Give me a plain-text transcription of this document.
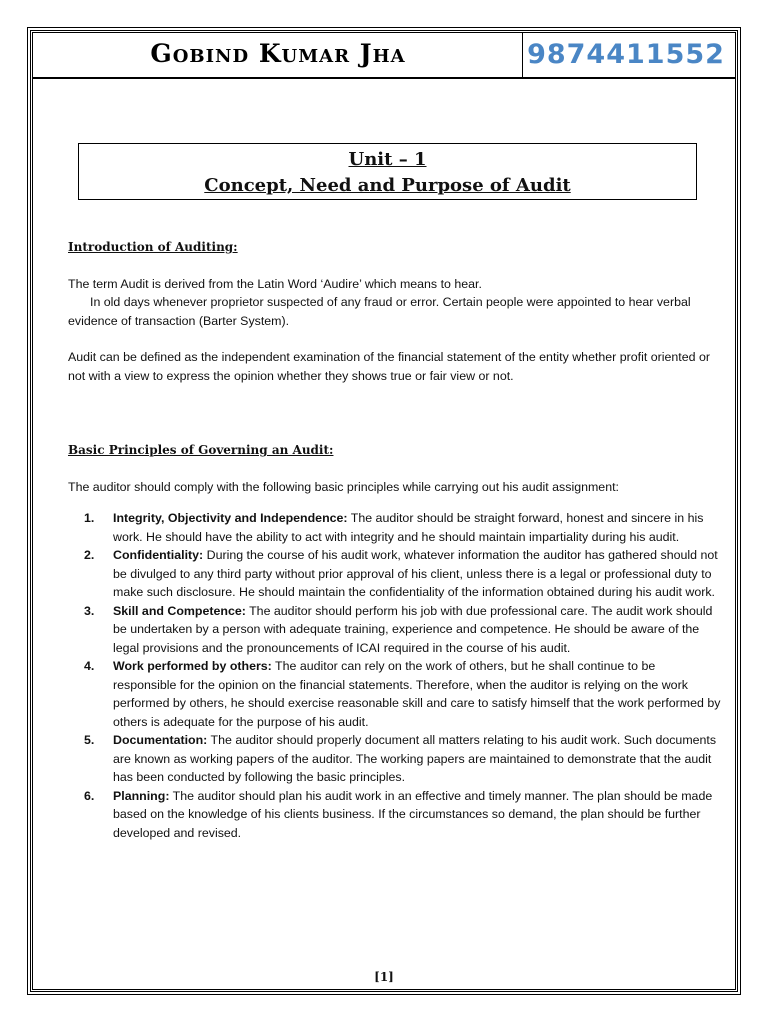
Gobind Kumar Jha	9874411552
Unit – 1
Concept, Need and Purpose of Audit

Introduction of Auditing:

The term Audit is derived from the Latin Word ‘Audire’ which means to hear.

In old days whenever proprietor suspected of any fraud or error. Certain people were appointed to hear verbal evidence of transaction (Barter System).

Audit can be defined as the independent examination of the financial statement of the entity whether profit oriented or not with a view to express the opinion whether they shows true or fair view or not.

Basic Principles of Governing an Audit:

The auditor should comply with the following basic principles while carrying out his audit assignment:

1. Integrity, Objectivity and Independence: The auditor should be straight forward, honest and sincere in his work. He should have the ability to act with integrity and he should maintain impartiality during his audit.
2. Confidentiality: During the course of his audit work, whatever information the auditor has gathered should not be divulged to any third party without prior approval of his client, unless there is a legal or professional duty to make such disclosure. He should maintain the confidentiality of the information obtained during his audit work.
3. Skill and Competence: The auditor should perform his job with due professional care. The audit work should be undertaken by a person with adequate training, experience and competence. He should be aware of the legal provisions and the pronouncements of ICAI required in the course of his audit.
4. Work performed by others: The auditor can rely on the work of others, but he shall continue to be responsible for the opinion on the financial statements. Therefore, when the auditor is relying on the work performed by others, he should exercise reasonable skill and care to satisfy himself that the work performed by others is adequate for the purpose of his audit.
5. Documentation: The auditor should properly document all matters relating to his audit work. Such documents are known as working papers of the auditor. The working papers are maintained to demonstrate that the audit has been conducted by following the basic principles.
6. Planning: The auditor should plan his audit work in an effective and timely manner. The plan should be made based on the knowledge of his clients business. If the circumstances so demand, the plan should be further developed and revised.
[1]
